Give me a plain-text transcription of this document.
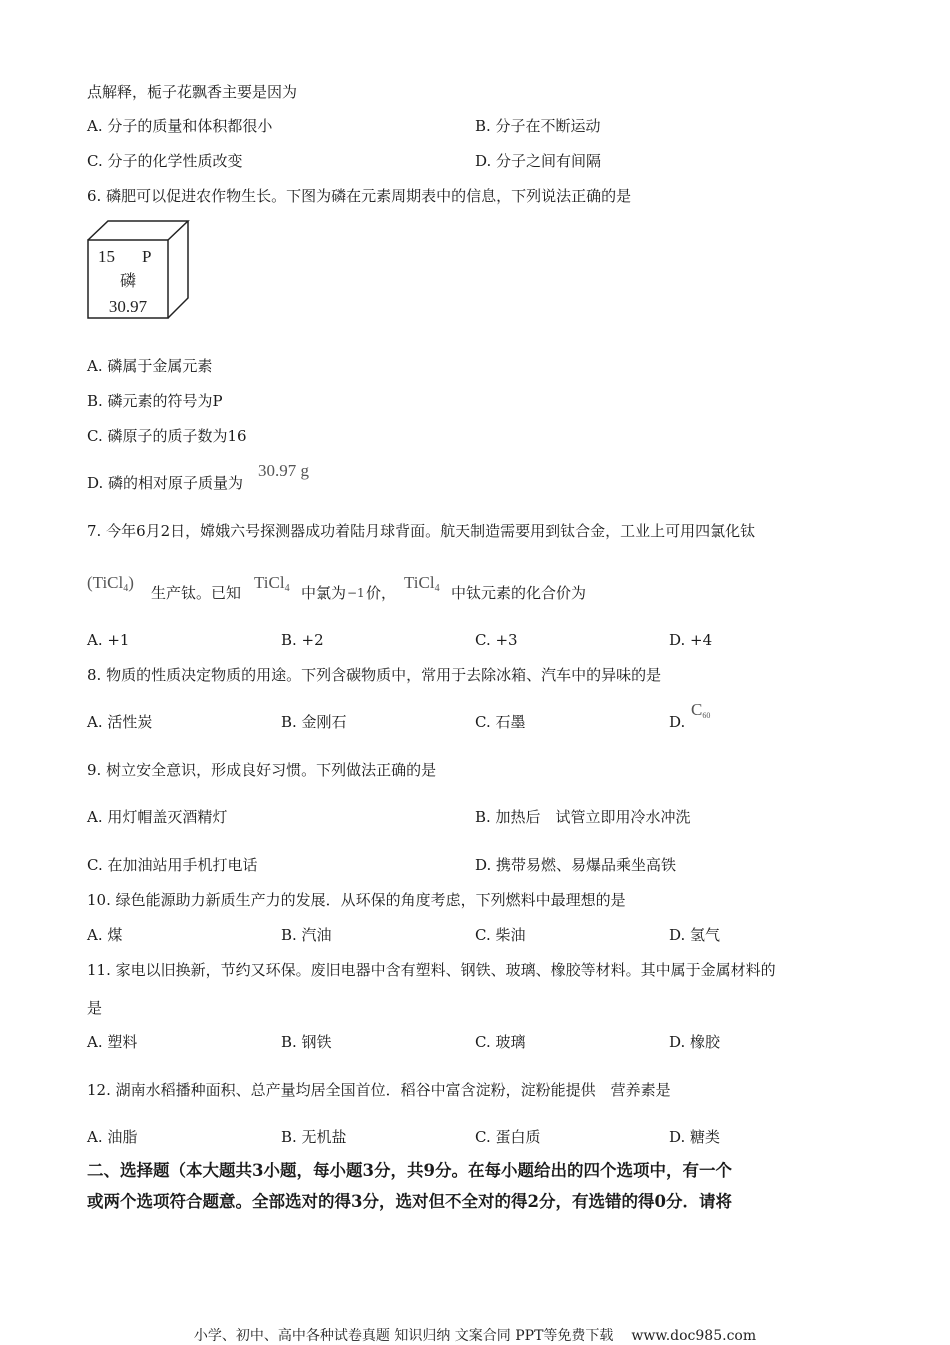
点解释，栀子花飘香主要是因为
A. 分子的质量和体积都很小	B. 分子在不断运动
C. 分子的化学性质改变	D. 分子之间有间隔
6. 磷肥可以促进农作物生长。下图为磷在元素周期表中的信息，下列说法正确的是
15 P
磷
30.97
A. 磷属于金属元素
B. 磷元素的符号为P
C. 磷原子的质子数为16
D. 磷的相对原子质量为
30.97 g
7. 今年6月2日，嫦娥六号探测器成功着陆月球背面。航天制造需要用到钛合金，工业上可用四氯化钛
(TiCl$_4$)
生产钛。已知
TiCl$_4$ 中氯为 −1 价，
TiCl$_4$ 中钛元素的化合价为
A. +1	B. +2	C. +3	D. +4
8. 物质的性质决定物质的用途。下列含碳物质中，常用于去除冰箱、汽车中的异味的是
A. 活性炭	B. 金刚石	C. 石墨	D.
$C_{60}$
9. 树立安全意识，形成良好习惯。下列做法正确的是
A. 用灯帽盖灭酒精灯	B. 加热后　试管立即用冷水冲洗
C. 在加油站用手机打电话	D. 携带易燃、易爆品乘坐高铁
10. 绿色能源助力新质生产力的发展．从环保的角度考虑，下列燃料中最理想的是
A. 煤	B. 汽油	C. 柴油	D. 氢气
11. 家电以旧换新，节约又环保。废旧电器中含有塑料、钢铁、玻璃、橡胶等材料。其中属于金属材料的
是
A. 塑料	B. 钢铁	C. 玻璃	D. 橡胶
12. 湖南水稻播种面积、总产量均居全国首位．稻谷中富含淀粉，淀粉能提供　营养素是
A. 油脂	B. 无机盐	C. 蛋白质	D. 糖类
二、选择题（本大题共3小题，每小题3分，共9分。在每小题给出的四个选项中，有一个
或两个选项符合题意。全部选对的得3分，选对但不全对的得2分，有选错的得0分．请将
小学、初中、高中各种试卷真题 知识归纳 文案合同 PPT等免费下载 www.doc985.com
